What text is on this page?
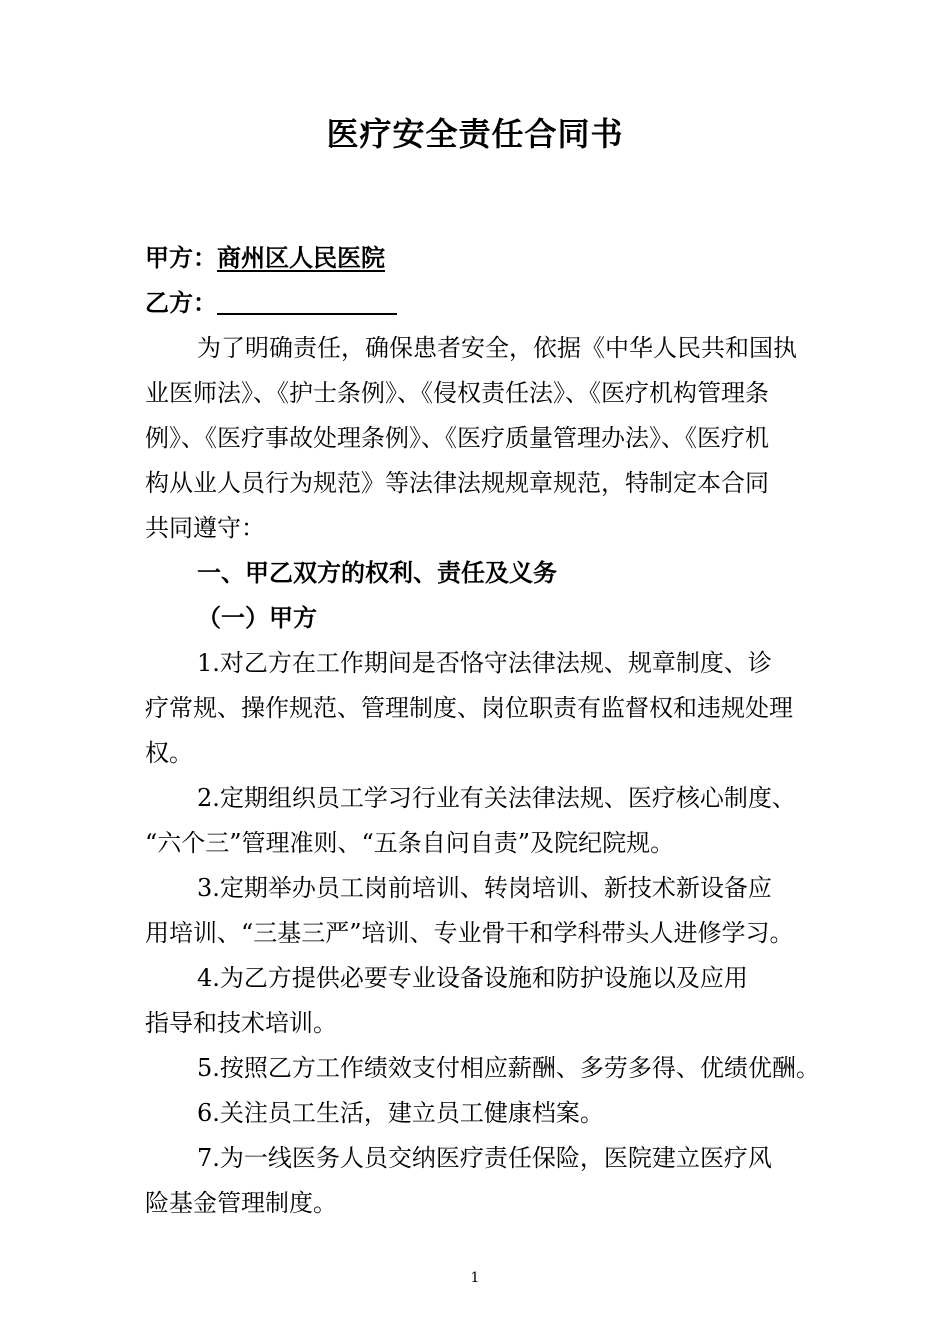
医疗安全责任合同书
甲方：商州区人民医院
乙方：
为了明确责任，确保患者安全，依据《中华人民共和国执
业医师法》、《护士条例》、《侵权责任法》、《医疗机构管理条
例》、《医疗事故处理条例》、《医疗质量管理办法》、《医疗机
构从业人员行为规范》等法律法规规章规范，特制定本合同
共同遵守：
一、甲乙双方的权利、责任及义务
（一）甲方
1.对乙方在工作期间是否恪守法律法规、规章制度、诊
疗常规、操作规范、管理制度、岗位职责有监督权和违规处理
权。
2.定期组织员工学习行业有关法律法规、医疗核心制度、
“六个三”管理准则、“五条自问自责”及院纪院规。
3.定期举办员工岗前培训、转岗培训、新技术新设备应
用培训、“三基三严”培训、专业骨干和学科带头人进修学习。
4.为乙方提供必要专业设备设施和防护设施以及应用
指导和技术培训。
5.按照乙方工作绩效支付相应薪酬、多劳多得、优绩优酬。
6.关注员工生活，建立员工健康档案。
7.为一线医务人员交纳医疗责任保险，医院建立医疗风
险基金管理制度。
1
